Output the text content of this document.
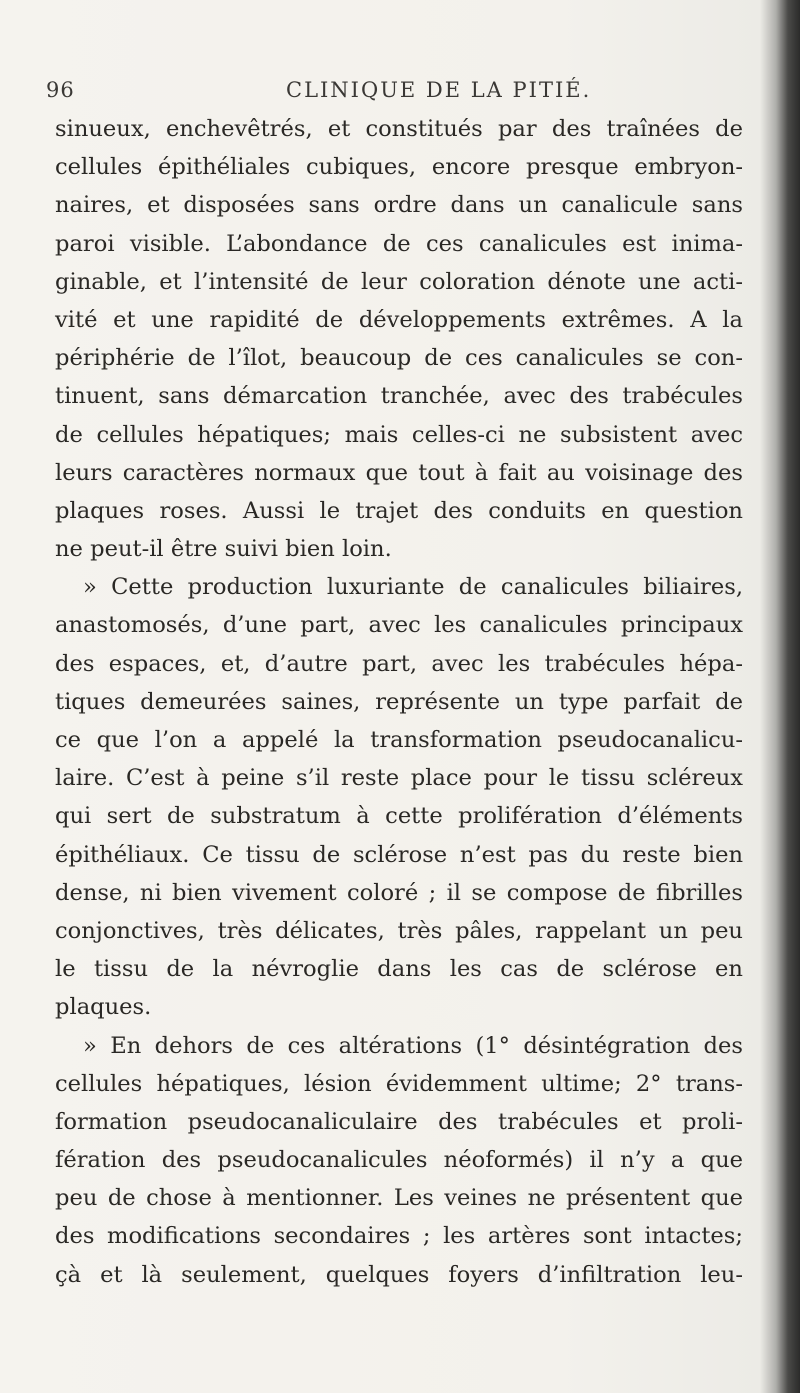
96	CLINIQUE DE LA PITIÉ.
sinueux, enchevêtrés, et constitués par des traînées de
cellules épithéliales cubiques, encore presque embryon-
naires, et disposées sans ordre dans un canalicule sans
paroi visible. L’abondance de ces canalicules est inima-
ginable, et l’intensité de leur coloration dénote une acti-
vité et une rapidité de développements extrêmes. A la
périphérie de l’îlot, beaucoup de ces canalicules se con-
tinuent, sans démarcation tranchée, avec des trabécules
de cellules hépatiques; mais celles-ci ne subsistent avec
leurs caractères normaux que tout à fait au voisinage des
plaques roses. Aussi le trajet des conduits en question
ne peut-il être suivi bien loin.
» Cette production luxuriante de canalicules biliaires,
anastomosés, d’une part, avec les canalicules principaux
des espaces, et, d’autre part, avec les trabécules hépa-
tiques demeurées saines, représente un type parfait de
ce que l’on a appelé la transformation pseudocanalicu-
laire. C’est à peine s’il reste place pour le tissu scléreux
qui sert de substratum à cette prolifération d’éléments
épithéliaux. Ce tissu de sclérose n’est pas du reste bien
dense, ni bien vivement coloré ; il se compose de fibrilles
conjonctives, très délicates, très pâles, rappelant un peu
le tissu de la névroglie dans les cas de sclérose en
plaques.
» En dehors de ces altérations (1° désintégration des
cellules hépatiques, lésion évidemment ultime; 2° trans-
formation pseudocanaliculaire des trabécules et proli-
fération des pseudocanalicules néoformés) il n’y a que
peu de chose à mentionner. Les veines ne présentent que
des modifications secondaires ; les artères sont intactes;
çà et là seulement, quelques foyers d’infiltration leu-
